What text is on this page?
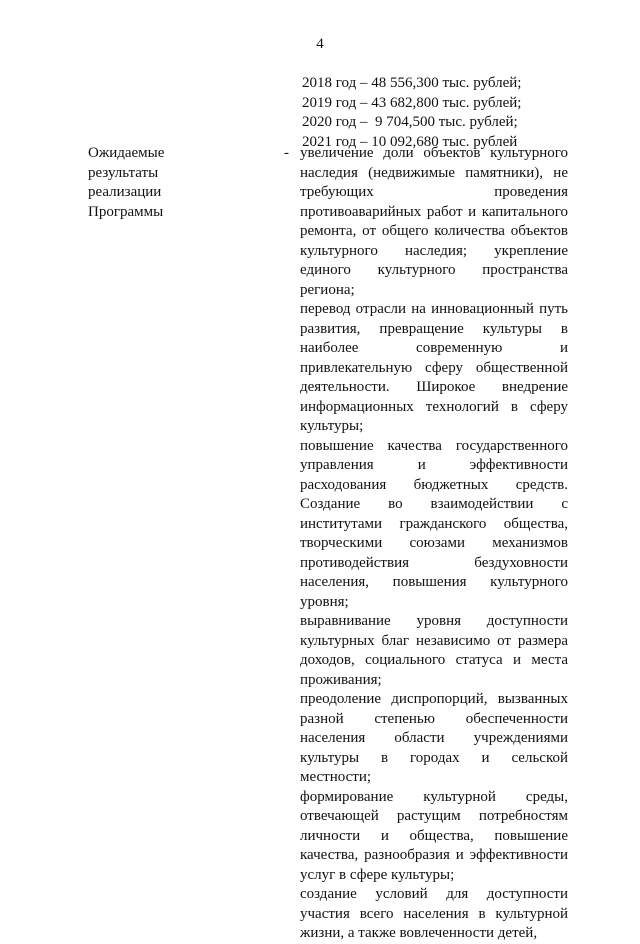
4
2018 год – 48 556,300 тыс. рублей;
2019 год – 43 682,800 тыс. рублей;
2020 год –  9 704,500 тыс. рублей;
2021 год – 10 092,680 тыс. рублей
Ожидаемые
результаты
реализации
Программы
- увеличение доли объектов культурного наследия (недвижимые памятники), не требующих проведения противоаварийных работ и капитального ремонта, от общего количества объектов культурного наследия; укрепление единого культурного пространства региона;

перевод отрасли на инновационный путь развития, превращение культуры в наиболее современную и привлекательную сферу общественной деятельности. Широкое внедрение информационных технологий в сферу культуры;

повышение качества государственного управления и эффективности расходования бюджетных средств. Создание во взаимодействии с институтами гражданского общества, творческими союзами механизмов противодействия бездуховности населения, повышения культурного уровня;

выравнивание уровня доступности культурных благ независимо от размера доходов, социального статуса и места проживания;

преодоление диспропорций, вызванных разной степенью обеспеченности населения области учреждениями культуры в городах и сельской местности;

формирование культурной среды, отвечающей растущим потребностям личности и общества, повышение качества, разнообразия и эффективности услуг в сфере культуры;

создание условий для доступности участия всего населения в культурной жизни, а также вовлеченности детей,
